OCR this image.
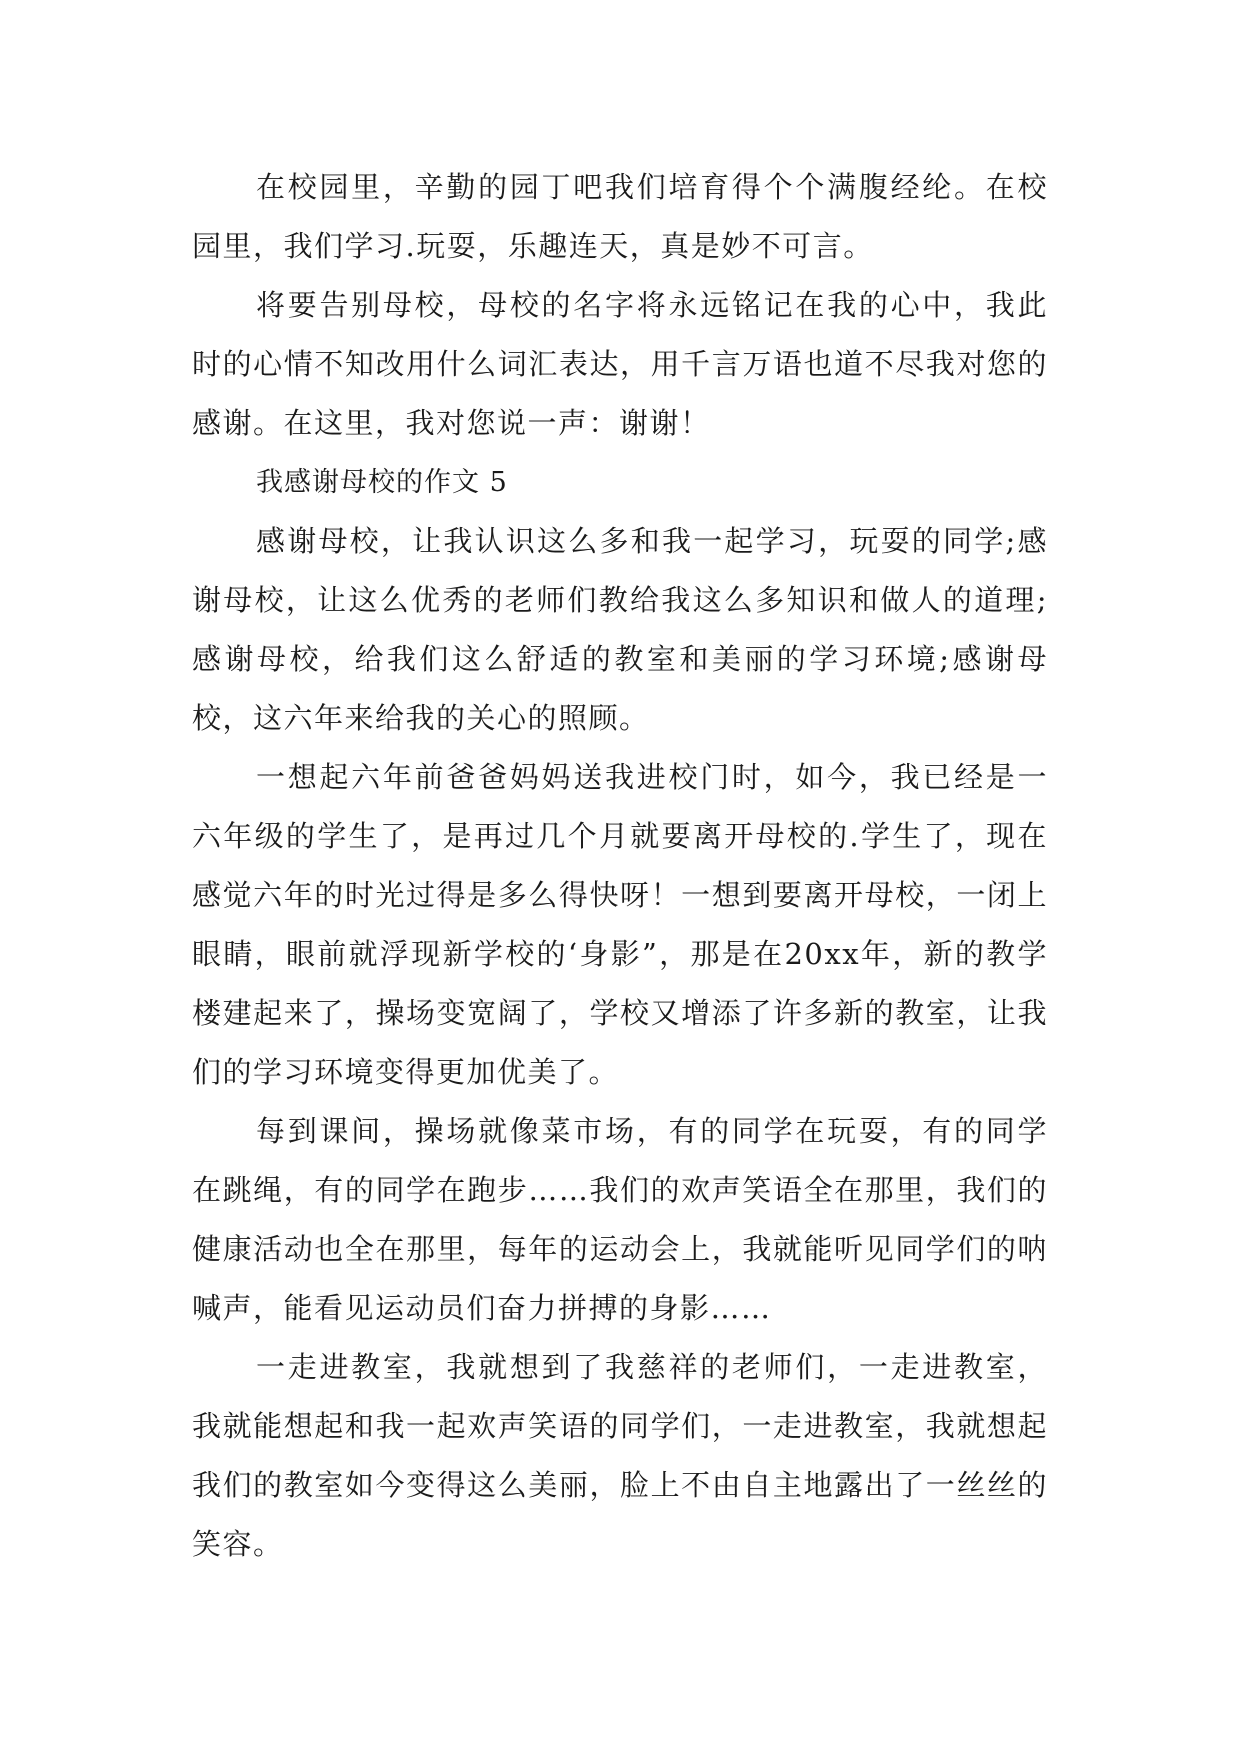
在校园里，辛勤的园丁吧我们培育得个个满腹经纶。在校园里，我们学习.玩耍，乐趣连天，真是妙不可言。

将要告别母校，母校的名字将永远铭记在我的心中，我此时的心情不知改用什么词汇表达，用千言万语也道不尽我对您的感谢。在这里，我对您说一声：谢谢！

我感谢母校的作文 5

感谢母校，让我认识这么多和我一起学习，玩耍的同学;感谢母校，让这么优秀的老师们教给我这么多知识和做人的道理;感谢母校，给我们这么舒适的教室和美丽的学习环境;感谢母校，这六年来给我的关心的照顾。

一想起六年前爸爸妈妈送我进校门时，如今，我已经是一六年级的学生了，是再过几个月就要离开母校的.学生了，现在感觉六年的时光过得是多么得快呀！一想到要离开母校，一闭上眼睛，眼前就浮现新学校的‘身影”，那是在20xx年，新的教学楼建起来了，操场变宽阔了，学校又增添了许多新的教室，让我们的学习环境变得更加优美了。

每到课间，操场就像菜市场，有的同学在玩耍，有的同学在跳绳，有的同学在跑步……我们的欢声笑语全在那里，我们的健康活动也全在那里，每年的运动会上，我就能听见同学们的呐喊声，能看见运动员们奋力拼搏的身影……

一走进教室，我就想到了我慈祥的老师们，一走进教室，我就能想起和我一起欢声笑语的同学们，一走进教室，我就想起我们的教室如今变得这么美丽，脸上不由自主地露出了一丝丝的笑容。
